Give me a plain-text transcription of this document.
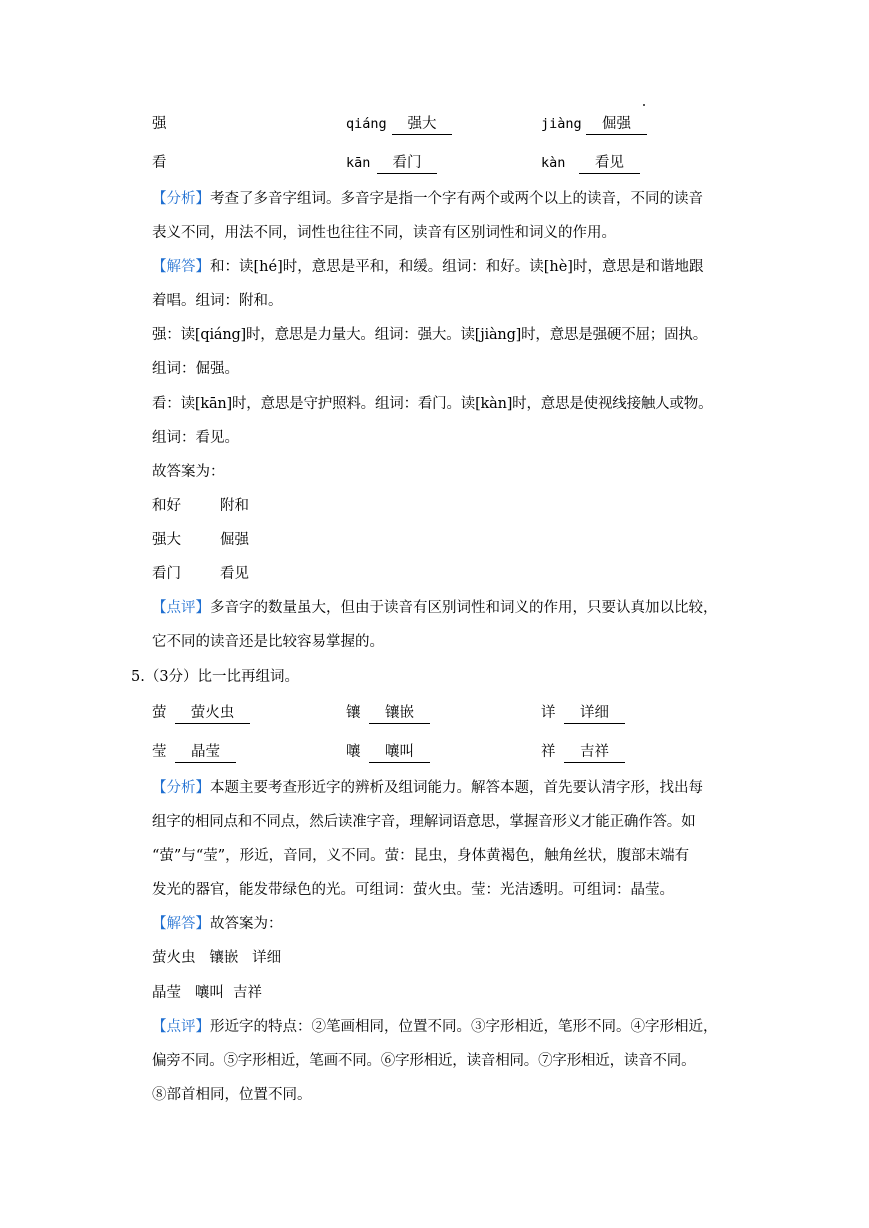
强	qiáng	强大	jiàng	倔强
看	kān	看门	kàn	看见
【分析】考查了多音字组词。多音字是指一个字有两个或两个以上的读音，不同的读音
表义不同，用法不同，词性也往往不同，读音有区别词性和词义的作用。
【解答】和：读[hé]时，意思是平和，和缓。组词：和好。读[hè]时，意思是和谐地跟
着唱。组词：附和。
强：读[qiáng]时，意思是力量大。组词：强大。读[jiàng]时，意思是强硬不屈；固执。
组词：倔强。
看：读[kān]时，意思是守护照料。组词：看门。读[kàn]时，意思是使视线接触人或物。
组词：看见。
故答案为：
和好	附和
强大	倔强
看门	看见
【点评】多音字的数量虽大，但由于读音有区别词性和词义的作用，只要认真加以比较，
它不同的读音还是比较容易掌握的。
5.（3分）比一比再组词。
萤	萤火虫	镶	镶嵌	详	详细
莹	晶莹	嚷	嚷叫	祥	吉祥
【分析】本题主要考查形近字的辨析及组词能力。解答本题，首先要认清字形，找出每
组字的相同点和不同点，然后读准字音，理解词语意思，掌握音形义才能正确作答。如
“萤”与“莹”，形近，音同，义不同。萤：昆虫，身体黄褐色，触角丝状，腹部末端有
发光的器官，能发带绿色的光。可组词：萤火虫。莹：光洁透明。可组词：晶莹。
【解答】故答案为：
萤火虫   镶嵌   详细
晶莹   嚷叫  吉祥
【点评】形近字的特点：②笔画相同，位置不同。③字形相近，笔形不同。④字形相近，
偏旁不同。⑤字形相近，笔画不同。⑥字形相近，读音相同。⑦字形相近，读音不同。
⑧部首相同，位置不同。
